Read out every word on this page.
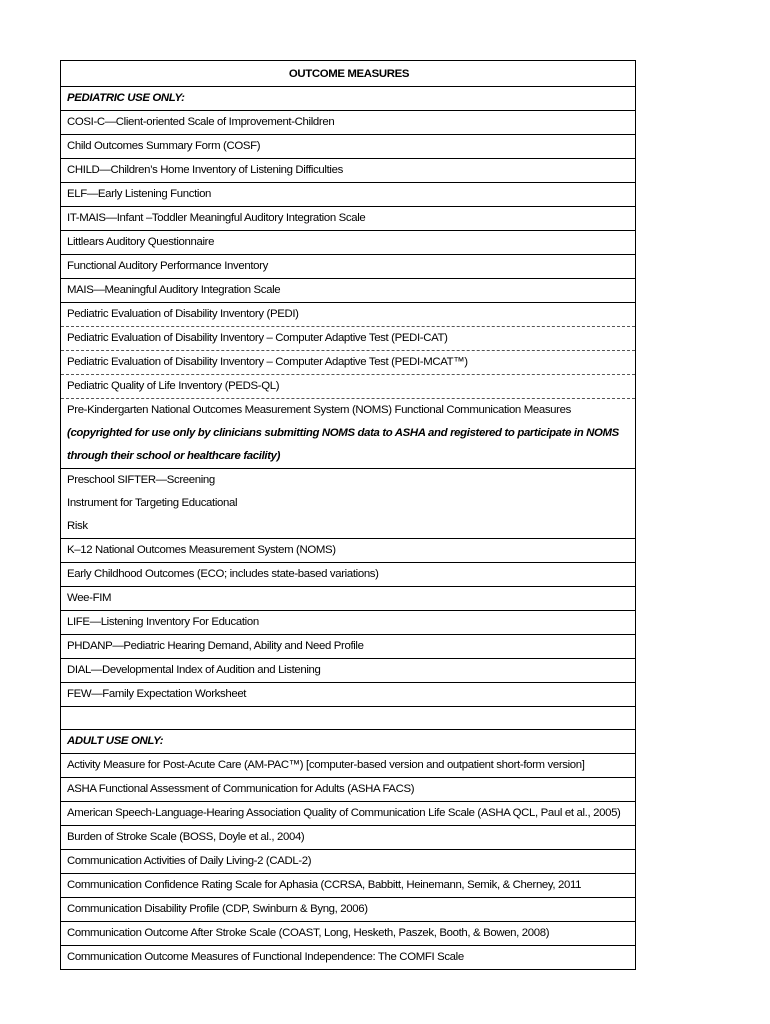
OUTCOME MEASURES
PEDIATRIC USE ONLY:
COSI-C—Client-oriented Scale of Improvement-Children
Child Outcomes Summary Form (COSF)
CHILD—Children’s Home Inventory of Listening Difficulties
ELF—Early Listening Function
IT-MAIS—Infant –Toddler Meaningful Auditory Integration Scale
Littlears Auditory Questionnaire
Functional Auditory Performance Inventory
MAIS—Meaningful Auditory Integration Scale
Pediatric Evaluation of Disability Inventory (PEDI)
Pediatric Evaluation of Disability Inventory – Computer Adaptive Test (PEDI-CAT)
Pediatric Evaluation of Disability Inventory – Computer Adaptive Test (PEDI-MCAT™)
Pediatric Quality of Life Inventory (PEDS-QL)
Pre-Kindergarten National Outcomes Measurement System (NOMS) Functional Communication Measures (copyrighted for use only by clinicians submitting NOMS data to ASHA and registered to participate in NOMS through their school or healthcare facility)
Preschool SIFTER—Screening
Instrument for Targeting Educational
Risk
K–12 National Outcomes Measurement System (NOMS)
Early Childhood Outcomes (ECO; includes state-based variations)
Wee-FIM
LIFE—Listening Inventory For Education
PHDANP—Pediatric Hearing Demand, Ability and Need Profile
DIAL—Developmental Index of Audition and Listening
FEW—Family Expectation Worksheet
ADULT USE ONLY:
Activity Measure for Post-Acute Care (AM-PAC™) [computer-based version and outpatient short-form version]
ASHA Functional Assessment of Communication for Adults (ASHA FACS)
American Speech-Language-Hearing Association Quality of Communication Life Scale (ASHA QCL, Paul et al., 2005)
Burden of Stroke Scale (BOSS, Doyle et al., 2004)
Communication Activities of Daily Living-2 (CADL-2)
Communication Confidence Rating Scale for Aphasia (CCRSA, Babbitt, Heinemann, Semik, & Cherney, 2011
Communication Disability Profile (CDP, Swinburn & Byng, 2006)
Communication Outcome After Stroke Scale (COAST, Long, Hesketh, Paszek, Booth, & Bowen, 2008)
Communication Outcome Measures of Functional Independence: The COMFI Scale
